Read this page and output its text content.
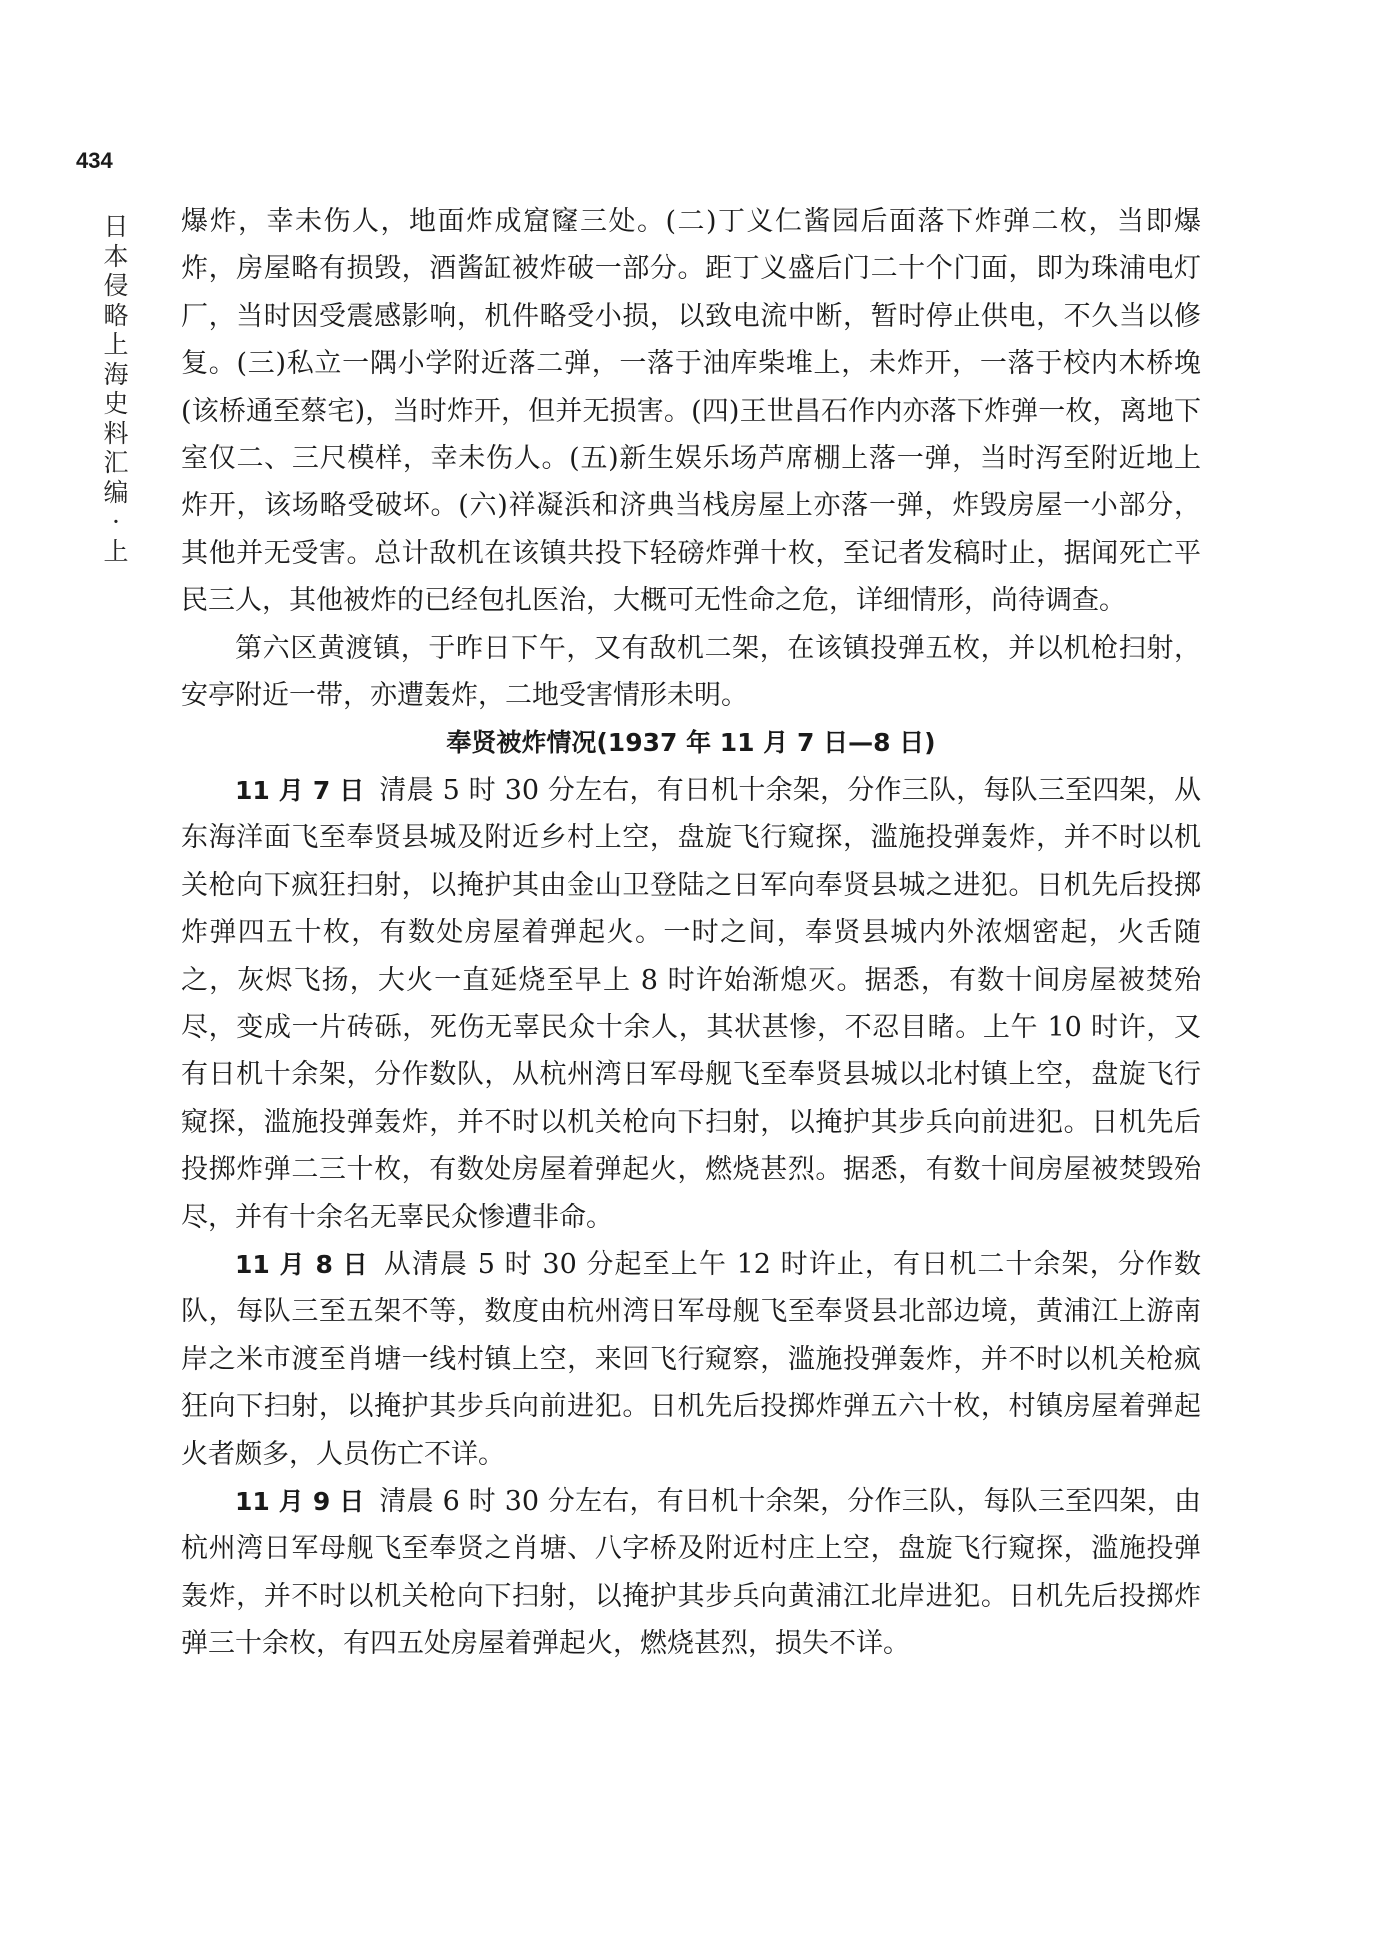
434
日本侵略上海史料汇编 · 上

爆炸，幸未伤人，地面炸成窟窿三处。(二)丁义仁酱园后面落下炸弹二枚，当即爆炸，房屋略有损毁，酒酱缸被炸破一部分。距丁义盛后门二十个门面，即为珠浦电灯厂，当时因受震感影响，机件略受小损，以致电流中断，暂时停止供电，不久当以修复。(三)私立一隅小学附近落二弹，一落于油库柴堆上，未炸开，一落于校内木桥堍(该桥通至蔡宅)，当时炸开，但并无损害。(四)王世昌石作内亦落下炸弹一枚，离地下室仅二、三尺模样，幸未伤人。(五)新生娱乐场芦席棚上落一弹，当时泻至附近地上炸开，该场略受破坏。(六)祥凝浜和济典当栈房屋上亦落一弹，炸毁房屋一小部分，其他并无受害。总计敌机在该镇共投下轻磅炸弹十枚，至记者发稿时止，据闻死亡平民三人，其他被炸的已经包扎医治，大概可无性命之危，详细情形，尚待调查。

第六区黄渡镇，于昨日下午，又有敌机二架，在该镇投弹五枚，并以机枪扫射，安亭附近一带，亦遭轰炸，二地受害情形未明。

奉贤被炸情况(1937 年 11 月 7 日—8 日)

11 月 7 日 清晨 5 时 30 分左右，有日机十余架，分作三队，每队三至四架，从东海洋面飞至奉贤县城及附近乡村上空，盘旋飞行窥探，滥施投弹轰炸，并不时以机关枪向下疯狂扫射，以掩护其由金山卫登陆之日军向奉贤县城之进犯。日机先后投掷炸弹四五十枚，有数处房屋着弹起火。一时之间，奉贤县城内外浓烟密起，火舌随之，灰烬飞扬，大火一直延烧至早上 8 时许始渐熄灭。据悉，有数十间房屋被焚殆尽，变成一片砖砾，死伤无辜民众十余人，其状甚惨，不忍目睹。上午 10 时许，又有日机十余架，分作数队，从杭州湾日军母舰飞至奉贤县城以北村镇上空，盘旋飞行窥探，滥施投弹轰炸，并不时以机关枪向下扫射，以掩护其步兵向前进犯。日机先后投掷炸弹二三十枚，有数处房屋着弹起火，燃烧甚烈。据悉，有数十间房屋被焚毁殆尽，并有十余名无辜民众惨遭非命。

11 月 8 日 从清晨 5 时 30 分起至上午 12 时许止，有日机二十余架，分作数队，每队三至五架不等，数度由杭州湾日军母舰飞至奉贤县北部边境，黄浦江上游南岸之米市渡至肖塘一线村镇上空，来回飞行窥察，滥施投弹轰炸，并不时以机关枪疯狂向下扫射，以掩护其步兵向前进犯。日机先后投掷炸弹五六十枚，村镇房屋着弹起火者颇多，人员伤亡不详。

11 月 9 日 清晨 6 时 30 分左右，有日机十余架，分作三队，每队三至四架，由杭州湾日军母舰飞至奉贤之肖塘、八字桥及附近村庄上空，盘旋飞行窥探，滥施投弹轰炸，并不时以机关枪向下扫射，以掩护其步兵向黄浦江北岸进犯。日机先后投掷炸弹三十余枚，有四五处房屋着弹起火，燃烧甚烈，损失不详。
